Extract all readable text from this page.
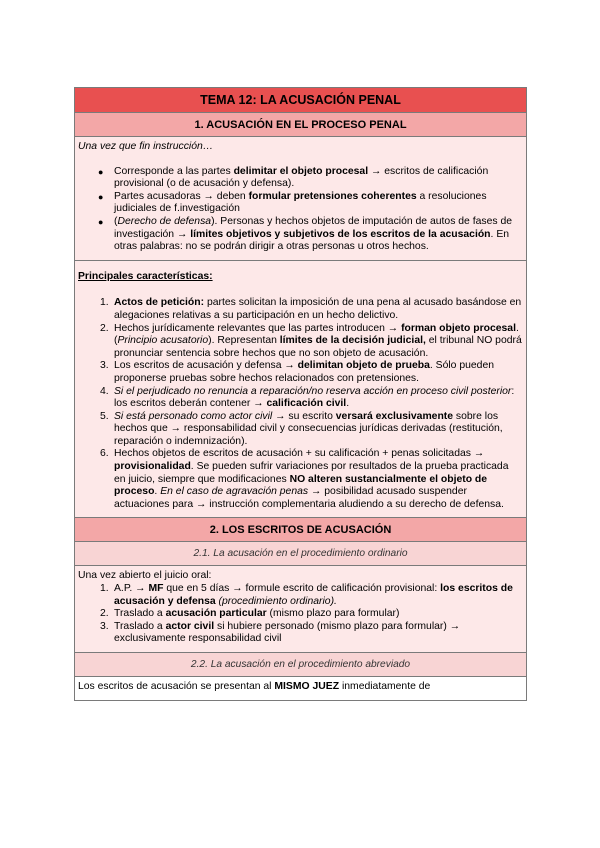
TEMA 12: LA ACUSACIÓN PENAL
1. ACUSACIÓN EN EL PROCESO PENAL
Una vez que fin instrucción…
● Corresponde a las partes delimitar el objeto procesal → escritos de calificación provisional (o de acusación y defensa).
● Partes acusadoras → deben formular pretensiones coherentes a resoluciones judiciales de f.investigación
● (Derecho de defensa). Personas y hechos objetos de imputación de autos de fases de investigación → límites objetivos y subjetivos de los escritos de la acusación. En otras palabras: no se podrán dirigir a otras personas u otros hechos.
Principales características:
1. Actos de petición: partes solicitan la imposición de una pena al acusado basándose en alegaciones relativas a su participación en un hecho delictivo.
2. Hechos jurídicamente relevantes que las partes introducen → forman objeto procesal. (Principio acusatorio). Representan límites de la decisión judicial, el tribunal NO podrá pronunciar sentencia sobre hechos que no son objeto de acusación.
3. Los escritos de acusación y defensa → delimitan objeto de prueba. Sólo pueden proponerse pruebas sobre hechos relacionados con pretensiones.
4. Si el perjudicado no renuncia a reparación/no reserva acción en proceso civil posterior: los escritos deberán contener → calificación civil.
5. Si está personado como actor civil → su escrito versará exclusivamente sobre los hechos que → responsabilidad civil y consecuencias jurídicas derivadas (restitución, reparación o indemnización).
6. Hechos objetos de escritos de acusación + su calificación + penas solicitadas → provisionalidad. Se pueden sufrir variaciones por resultados de la prueba practicada en juicio, siempre que modificaciones NO alteren sustancialmente el objeto de proceso. En el caso de agravación penas → posibilidad acusado suspender actuaciones para → instrucción complementaria aludiendo a su derecho de defensa.
2. LOS ESCRITOS DE ACUSACIÓN
2.1. La acusación en el procedimiento ordinario
Una vez abierto el juicio oral:
1. A.P. → MF que en 5 días → formule escrito de calificación provisional: los escritos de acusación y defensa (procedimiento ordinario).
2. Traslado a acusación particular (mismo plazo para formular)
3. Traslado a actor civil si hubiere personado (mismo plazo para formular) → exclusivamente responsabilidad civil
2.2. La acusación en el procedimiento abreviado
Los escritos de acusación se presentan al MISMO JUEZ inmediatamente de
